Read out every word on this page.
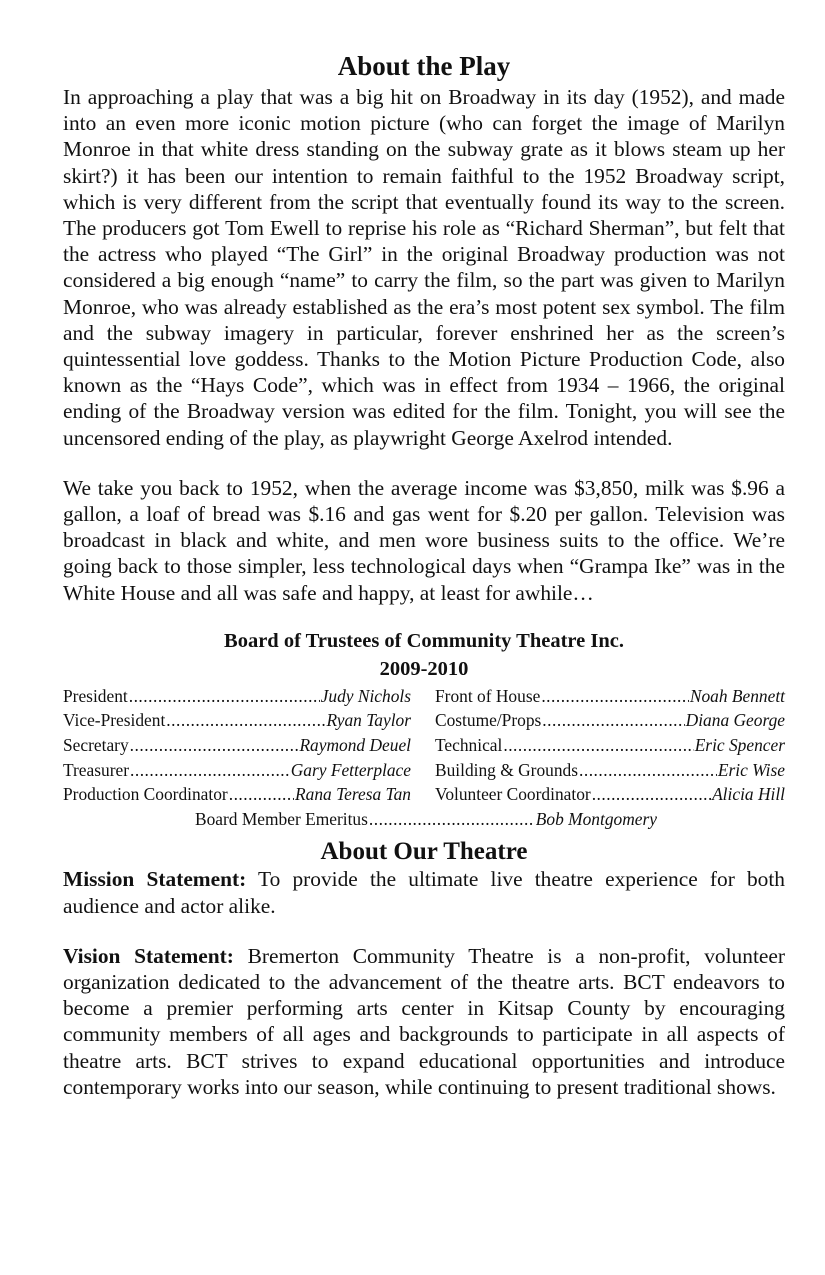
About the Play

In approaching a play that was a big hit on Broadway in its day (1952), and made into an even more iconic motion picture (who can forget the image of Marilyn Monroe in that white dress standing on the subway grate as it blows steam up her skirt?) it has been our intention to remain faithful to the 1952 Broadway script, which is very different from the script that eventually found its way to the screen. The producers got Tom Ewell to reprise his role as “Richard Sherman”, but felt that the actress who played “The Girl” in the original Broadway production was not considered a big enough “name” to carry the film, so the part was given to Marilyn Monroe, who was already established as the era’s most potent sex symbol. The film and the subway imagery in particular, forever enshrined her as the screen’s quintessential love goddess. Thanks to the Motion Picture Production Code, also known as the “Hays Code”, which was in effect from 1934 – 1966, the original ending of the Broadway version was edited for the film. Tonight, you will see the uncensored ending of the play, as playwright George Axelrod intended.

We take you back to 1952, when the average income was $3,850, milk was $.96 a gallon, a loaf of bread was $.16 and gas went for $.20 per gallon. Television was broadcast in black and white, and men wore business suits to the office. We’re going back to those simpler, less technological days when “Grampa Ike” was in the White House and all was safe and happy, at least for awhile…

Board of Trustees of Community Theatre Inc.
2009-2010
President .....	Judy Nichols
Vice-President .....	Ryan Taylor
Secretary .....	Raymond Deuel
Treasurer .....	Gary Fetterplace
Production Coordinator .....	Rana Teresa Tan
Front of House .....	Noah Bennett
Costume/Props .....	Diana George
Technical .....	Eric Spencer
Building & Grounds .....	Eric Wise
Volunteer Coordinator .....	Alicia Hill
Board Member Emeritus .....	Bob Montgomery
About Our Theatre

Mission Statement: To provide the ultimate live theatre experience for both audience and actor alike.

Vision Statement: Bremerton Community Theatre is a non-profit, volunteer organization dedicated to the advancement of the theatre arts. BCT endeavors to become a premier performing arts center in Kitsap County by encouraging community members of all ages and backgrounds to participate in all aspects of theatre arts. BCT strives to expand educational opportunities and introduce contemporary works into our season, while continuing to present traditional shows.
